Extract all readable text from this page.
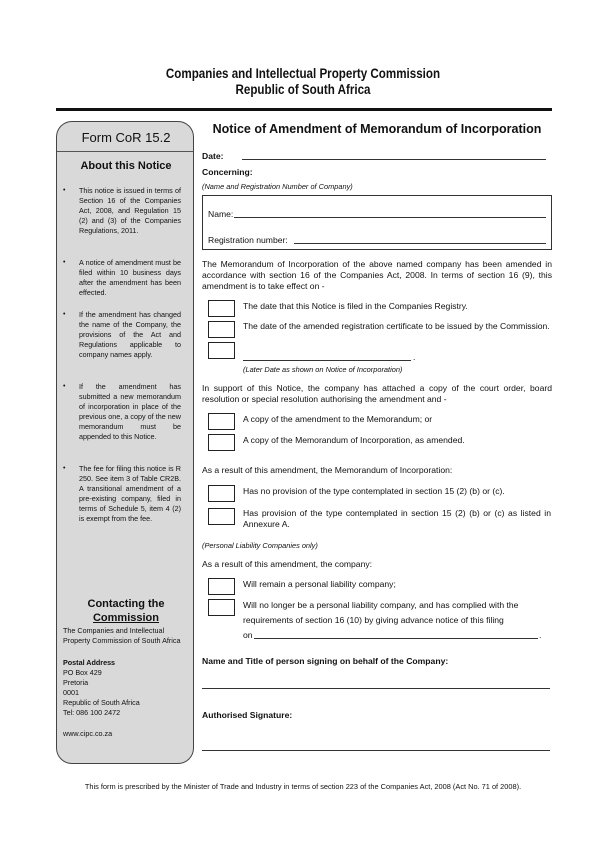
Companies and Intellectual Property Commission
Republic of South Africa
Form CoR 15.2
About this Notice
• This notice is issued in terms of Section 16 of the Companies Act, 2008, and Regulation 15 (2) and (3) of the Companies Regulations, 2011.
• A notice of amendment must be filed within 10 business days after the amendment has been effected.
• If the amendment has changed the name of the Company, the provisions of the Act and Regulations applicable to company names apply.
• If the amendment has submitted a new memorandum of incorporation in place of the previous one, a copy of the new memorandum must be appended to this Notice.
• The fee for filing this notice is R 250. See item 3 of Table CR2B. A transitional amendment of a pre-existing company, filed in terms of Schedule 5, item 4 (2) is exempt from the fee.
Contacting the
Commission
The Companies and Intellectual Property Commission of South Africa
Postal Address
PO Box 429
Pretoria
0001
Republic of South Africa
Tel: 086 100 2472
www.cipc.co.za
Notice of Amendment of Memorandum of Incorporation
Date:
Concerning:
(Name and Registration Number of Company)
Name:
Registration number:
The Memorandum of Incorporation of the above named company has been amended in accordance with section 16 of the Companies Act, 2008. In terms of section 16 (9), this amendment is to take effect on -
The date that this Notice is filed in the Companies Registry.
The date of the amended registration certificate to be issued by the Commission.
.
(Later Date as shown on Notice of Incorporation)
In support of this Notice, the company has attached a copy of the court order, board resolution or special resolution authorising the amendment and -
A copy of the amendment to the Memorandum; or
A copy of the Memorandum of Incorporation, as amended.
As a result of this amendment, the Memorandum of Incorporation:
Has no provision of the type contemplated in section 15 (2) (b) or (c).
Has provision of the type contemplated in section 15 (2) (b) or (c) as listed in Annexure A.
(Personal Liability Companies only)
As a result of this amendment, the company:
Will remain a personal liability company;
Will no longer be a personal liability company, and has complied with the
requirements of section 16 (10) by giving advance notice of this filing
on	.
Name and Title of person signing on behalf of the Company:
Authorised Signature:
This form is prescribed by the Minister of Trade and Industry in terms of section 223 of the Companies Act, 2008 (Act No. 71 of 2008).
